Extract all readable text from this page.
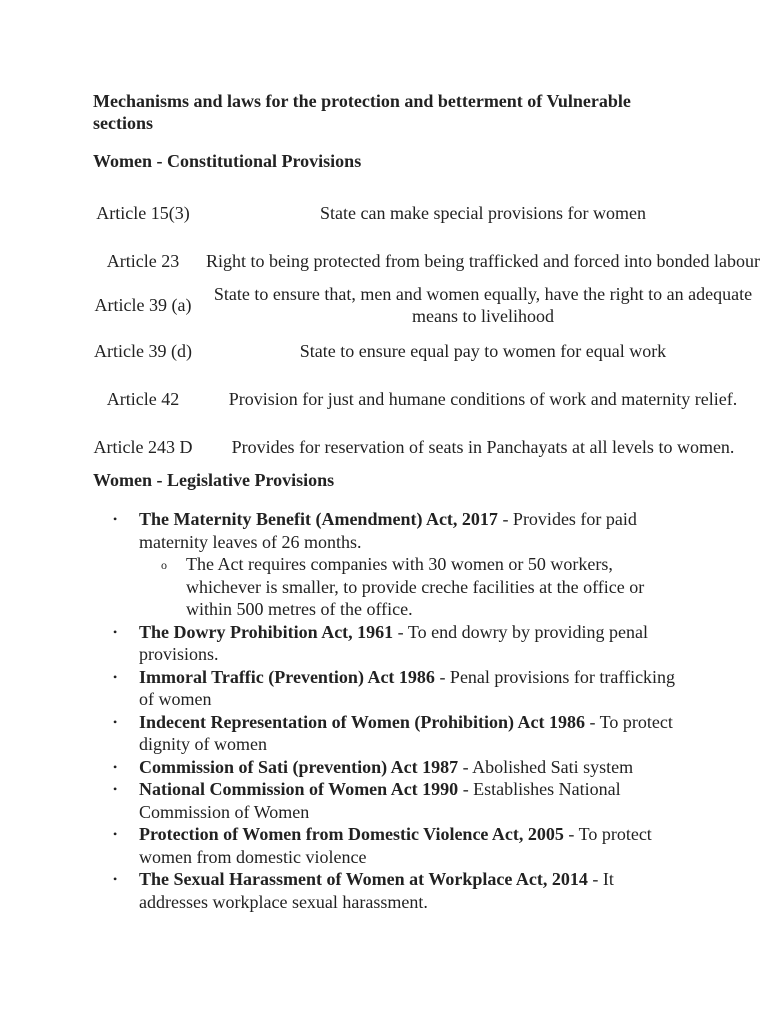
Mechanisms and laws for the protection and betterment of Vulnerable sections
Women - Constitutional Provisions
Article 15(3)	State can make special provisions for women
Article 23	Right to being protected from being trafficked and forced into bonded labour
Article 39 (a)	State to ensure that, men and women equally, have the right to an adequate means to livelihood
Article 39 (d)	State to ensure equal pay to women for equal work
Article 42	Provision for just and humane conditions of work and maternity relief.
Article 243 D	Provides for reservation of seats in Panchayats at all levels to women.
Women - Legislative Provisions
• The Maternity Benefit (Amendment) Act, 2017 - Provides for paid maternity leaves of 26 months.
o The Act requires companies with 30 women or 50 workers, whichever is smaller, to provide creche facilities at the office or within 500 metres of the office.
• The Dowry Prohibition Act, 1961 - To end dowry by providing penal provisions.
• Immoral Traffic (Prevention) Act 1986 - Penal provisions for trafficking of women
• Indecent Representation of Women (Prohibition) Act 1986 - To protect dignity of women
• Commission of Sati (prevention) Act 1987 - Abolished Sati system
• National Commission of Women Act 1990 - Establishes National Commission of Women
• Protection of Women from Domestic Violence Act, 2005 - To protect women from domestic violence
• The Sexual Harassment of Women at Workplace Act, 2014 - It addresses workplace sexual harassment.
